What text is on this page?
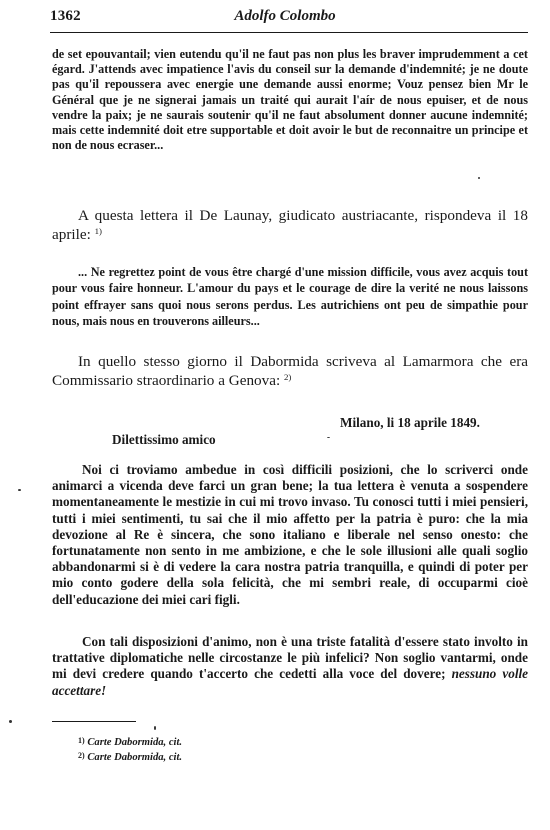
1362	Adolfo Colombo

de set epouvantail; vien eutendu qu'il ne faut pas non plus les braver imprudemment a cet égard. J'attends avec impatience l'avis du conseil sur la demande d'indemnité; je ne doute pas qu'il repoussera avec energie une demande aussi enorme; Vouz pensez bien Mr le Général que je ne signerai jamais un traité qui aurait l'aír de nous epuiser, et de nous vendre la paix; je ne saurais soutenir qu'il ne faut absolument donner aucune indemnité; mais cette indemnité doit etre supportable et doit avoir le but de reconnaitre un principe et non de nous ecraser...

A questa lettera il De Launay, giudicato austriacante, rispondeva il 18 aprile: $^{1)}$

... Ne regrettez point de vous être chargé d'une mission difficile, vous avez acquis tout pour vous faire honneur. L'amour du pays et le courage de dire la verité ne nous laissons point effrayer sans quoi nous serons perdus. Les autrichiens ont peu de simpathie pour nous, mais nous en trouverons ailleurs...

In quello stesso giorno il Dabormida scriveva al Lamarmora che era Commissario straordinario a Genova: $^{2)}$

Milano, li 18 aprile 1849.
Dilettissimo amico

Noi ci troviamo ambedue in così difficili posizioni, che lo scriverci onde animarci a vicenda deve farci un gran bene; la tua lettera è venuta a sospendere momentaneamente le mestizie in cui mi trovo invaso. Tu conosci tutti i miei pensieri, tutti i miei sentimenti, tu sai che il mio affetto per la patria è puro: che la mia devozione al Re è sincera, che sono italiano e liberale nel senso onesto: che fortunatamente non sento in me ambizione, e che le sole illusioni alle quali soglio abbandonarmi si è di vedere la cara nostra patria tranquilla, e quindi di poter per mio conto godere della sola felicità, che mi sembri reale, di occuparmi cioè dell'educazione dei miei cari figli.

Con tali disposizioni d'animo, non è una triste fatalità d'essere stato involto in trattative diplomatiche nelle circostanze le più infelici? Non soglio vantarmi, onde mi devi credere quando t'accerto che cedetti alla voce del dovere; nessuno volle accettare!

1) Carte Dabormida, cit.
2) Carte Dabormida, cit.
